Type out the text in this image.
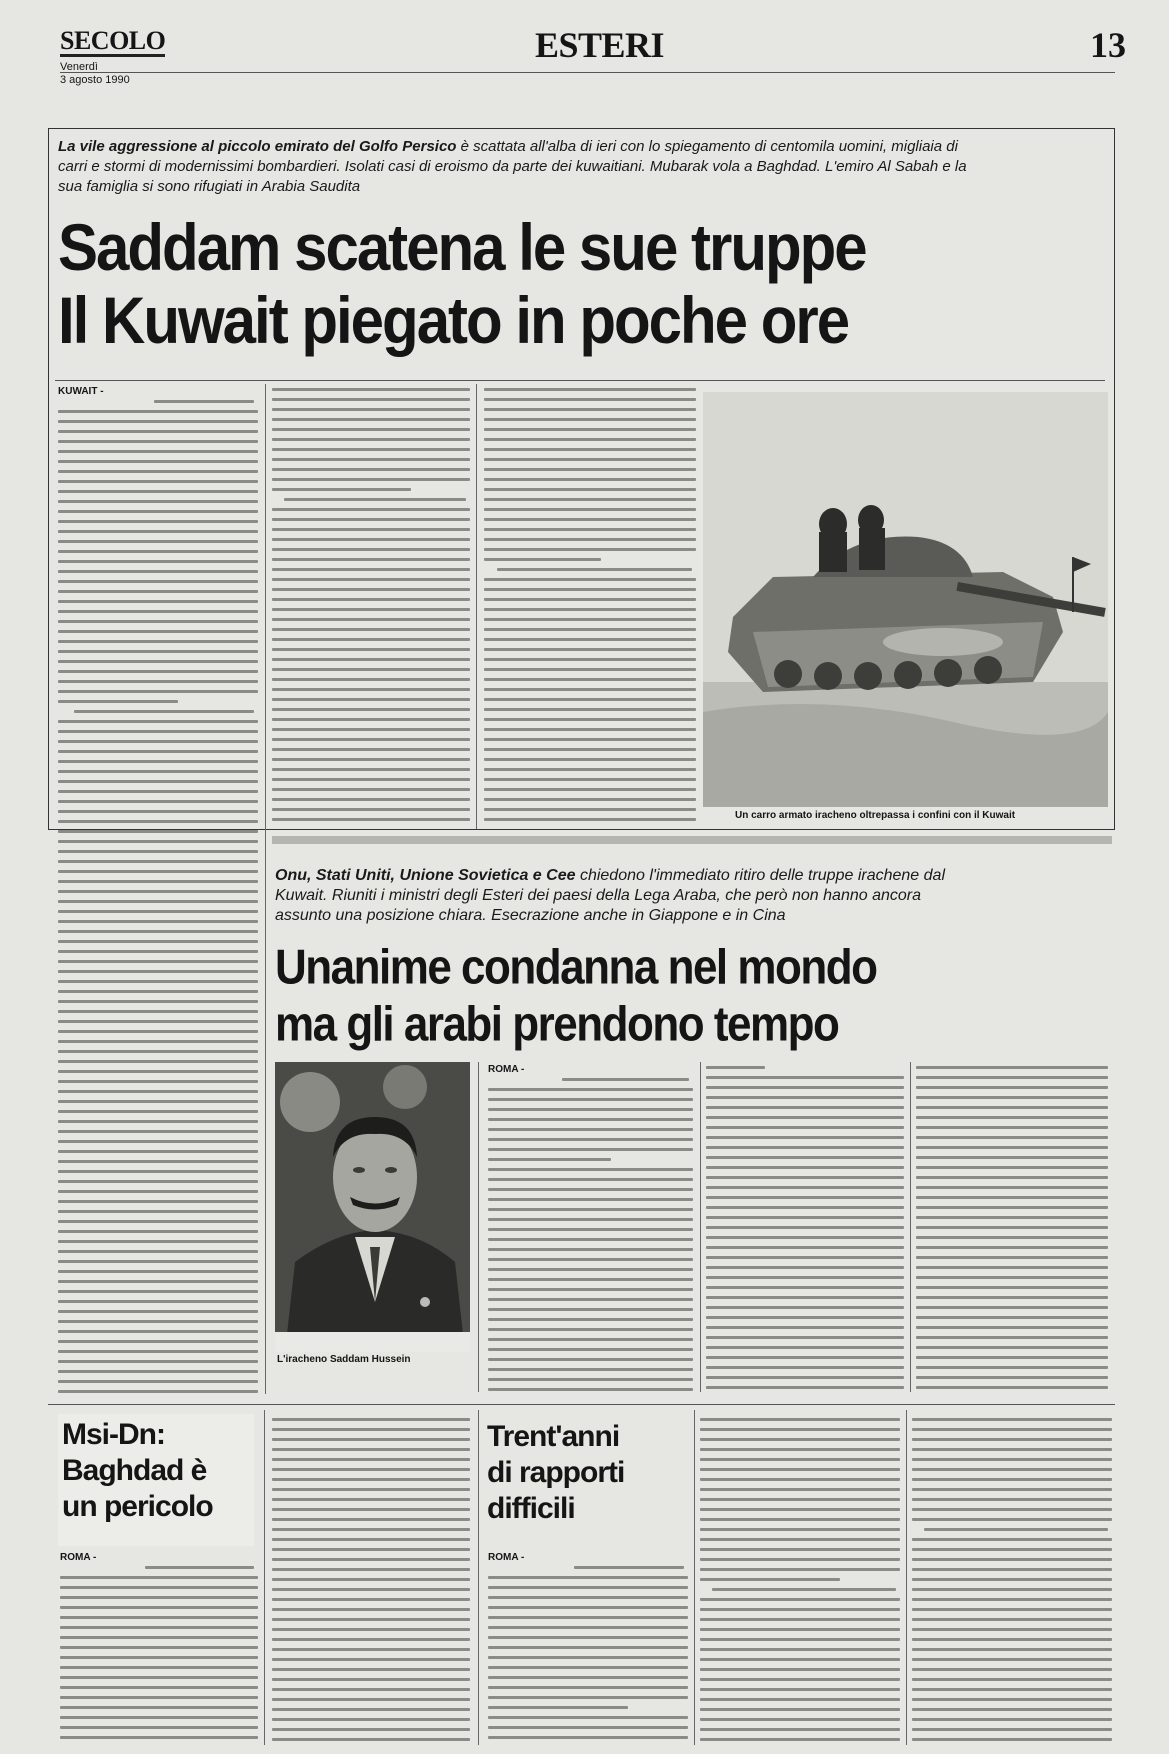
SECOLO
Venerdì
3 agosto 1990
ESTERI	13
La vile aggressione al piccolo emirato del Golfo Persico è scattata all'alba di ieri con lo spiegamento di centomila uomini, migliaia di carri e stormi di modernissimi bombardieri. Isolati casi di eroismo da parte dei kuwaitiani. Mubarak vola a Baghdad. L'emiro Al Sabah e la sua famiglia si sono rifugiati in Arabia Saudita
Saddam scatena le sue truppe
Il Kuwait piegato in poche ore
KUWAIT -
Un carro armato iracheno oltrepassa i confini con il Kuwait
Onu, Stati Uniti, Unione Sovietica e Cee chiedono l'immediato ritiro delle truppe irachene dal Kuwait. Riuniti i ministri degli Esteri dei paesi della Lega Araba, che però non hanno ancora assunto una posizione chiara. Esecrazione anche in Giappone e in Cina
Unanime condanna nel mondo
ma gli arabi prendono tempo
L'iracheno Saddam Hussein
ROMA -
Msi-Dn:
Baghdad è
un pericolo
ROMA -
Trent'anni
di rapporti
difficili
ROMA -
